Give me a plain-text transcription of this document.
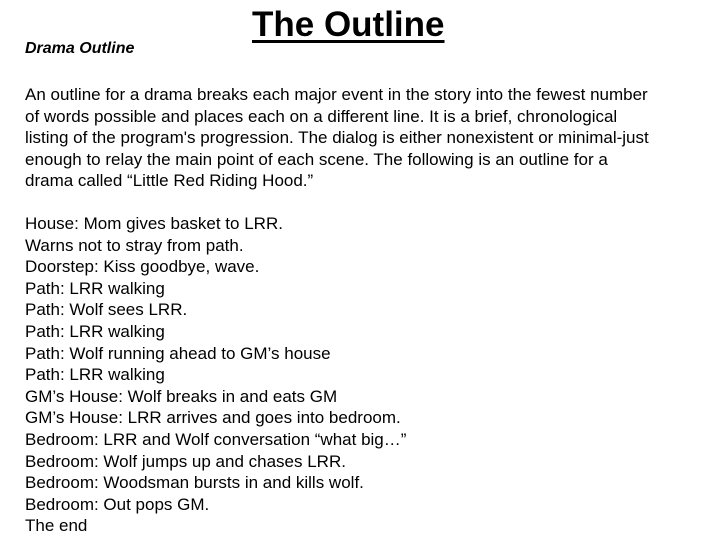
The Outline
Drama Outline
An outline for a drama breaks each major event in the story into the fewest number
of words possible and places each on a different line. It is a brief, chronological
listing of the program's progression. The dialog is either nonexistent or minimal-just
enough to relay the main point of each scene. The following is an outline for a
drama called “Little Red Riding Hood.”
House: Mom gives basket to LRR.
Warns not to stray from path.
Doorstep: Kiss goodbye, wave.
Path: LRR walking
Path: Wolf sees LRR.
Path: LRR walking
Path: Wolf running ahead to GM’s house
Path: LRR walking
GM’s House: Wolf breaks in and eats GM
GM’s House: LRR arrives and goes into bedroom.
Bedroom: LRR and Wolf conversation “what big…”
Bedroom: Wolf jumps up and chases LRR.
Bedroom: Woodsman bursts in and kills wolf.
Bedroom: Out pops GM.
The end
